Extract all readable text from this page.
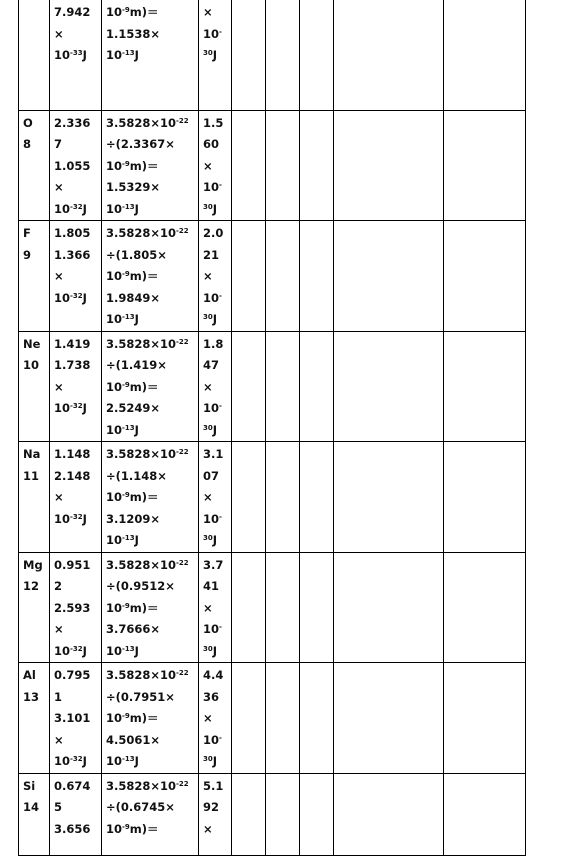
	7.942
×
$10^{-33}J$	$10^{-9}m)=$
1.1538×
$10^{-13}J$	×
10-
$^{30}$J					

O
8	2.336
7
1.055
×
$10^{-32}J$	$3.5828\times 10^{-22}$
÷(2.3367×
$10^{-9}m)=$
1.5329×
$10^{-13}J$	1.5
60
×
10-
$^{30}$J					

F
9	1.805
1.366
×
$10^{-32}J$	$3.5828\times 10^{-22}$
÷(1.805×
$10^{-9}m)=$
1.9849×
$10^{-13}J$	2.0
21
×
10-
$^{30}$J					

Ne
10	1.419
1.738
×
$10^{-32}J$	$3.5828\times 10^{-22}$
÷(1.419×
$10^{-9}m)=$
2.5249×
$10^{-13}J$	1.8
47
×
10-
$^{30}$J					

Na
11	1.148
2.148
×
$10^{-32}J$	$3.5828\times 10^{-22}$
÷(1.148×
$10^{-9}m)=$
3.1209×
$10^{-13}J$	3.1
07
×
10-
$^{30}$J					

Mg
12	0.951
2
2.593
×
$10^{-32}J$	$3.5828\times 10^{-22}$
÷(0.9512×
$10^{-9}m)=$
3.7666×
$10^{-13}J$	3.7
41
×
10-
$^{30}$J					

Al
13	0.795
1
3.101
×
$10^{-32}J$	$3.5828\times 10^{-22}$
÷(0.7951×
$10^{-9}m)=$
4.5061×
$10^{-13}J$	4.4
36
×
10-
$^{30}$J					

Si
14	0.674
5
3.656	$3.5828\times 10^{-22}$
÷(0.6745×
$10^{-9}m)=$	5.1
92
×					
